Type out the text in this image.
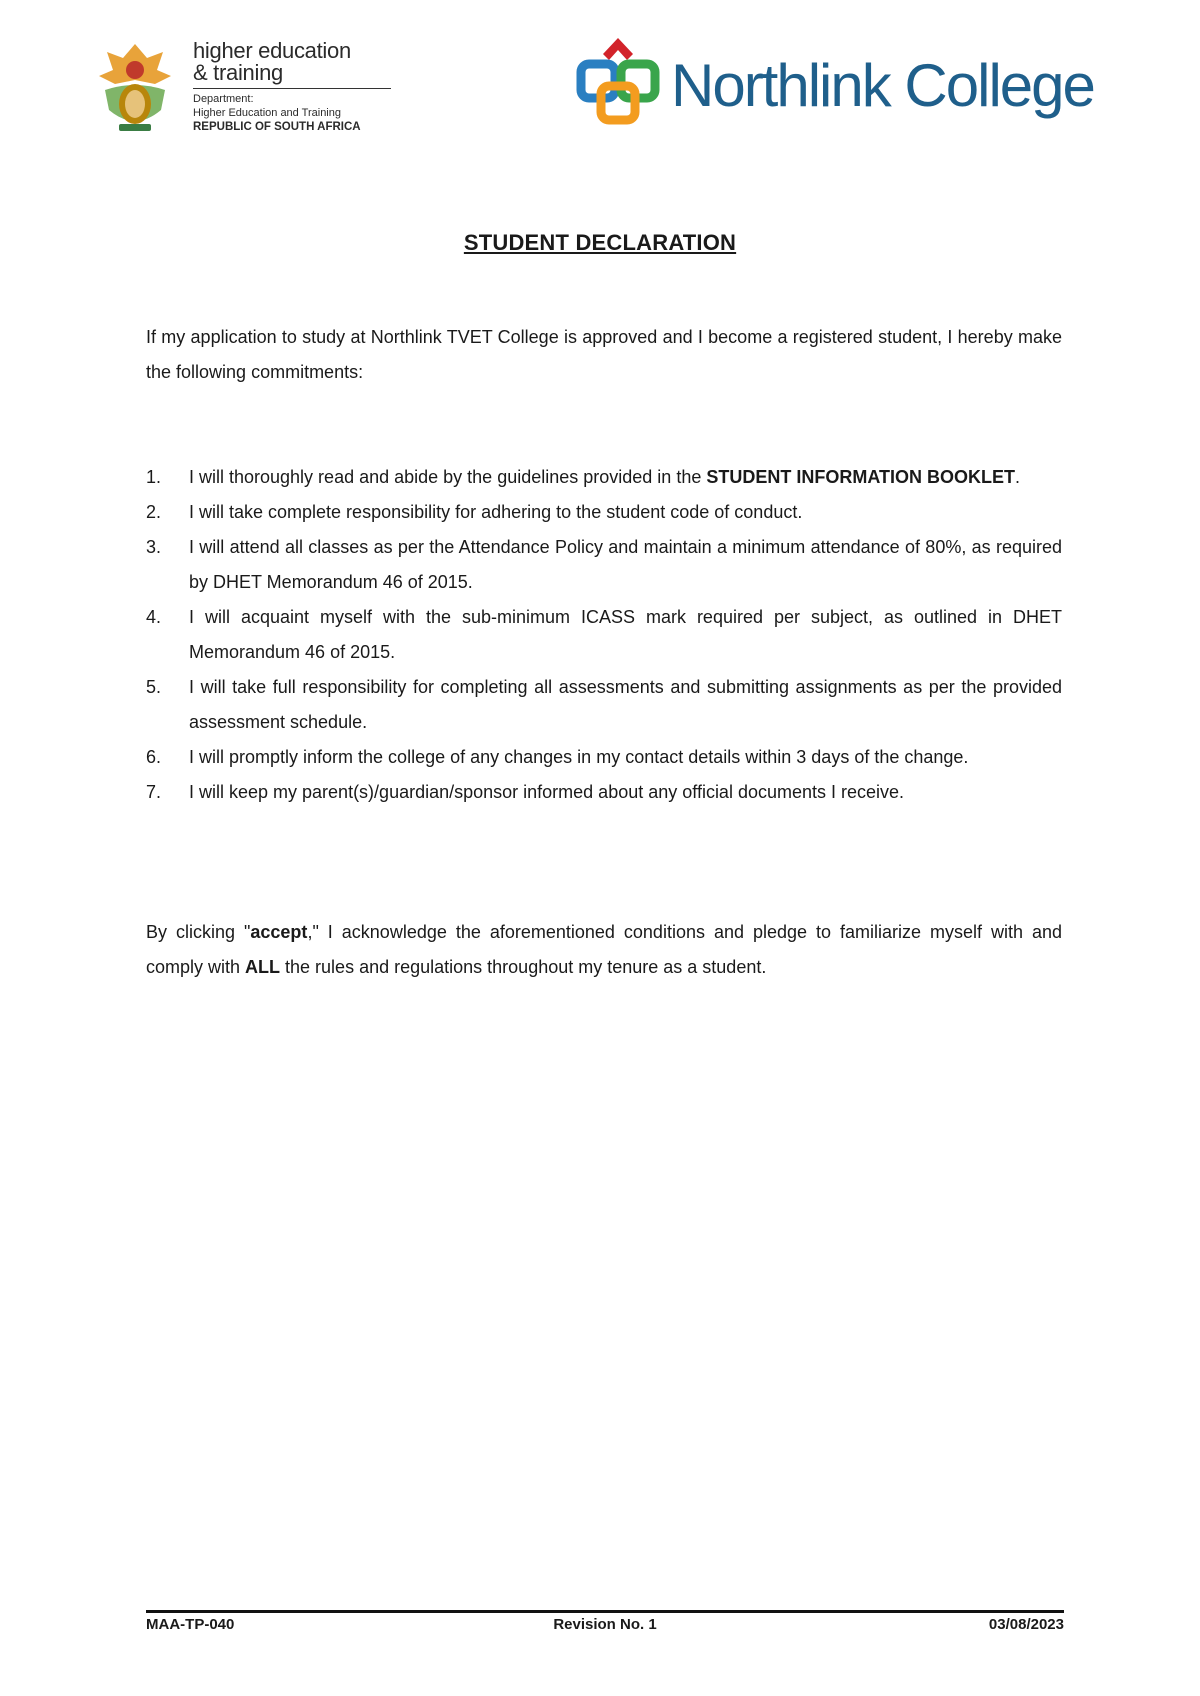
higher education
& training
Department:
Higher Education and Training
REPUBLIC OF SOUTH AFRICA
Northlink College
STUDENT DECLARATION
If my application to study at Northlink TVET College is approved and I become a registered student, I hereby make the following commitments:
1. I will thoroughly read and abide by the guidelines provided in the STUDENT INFORMATION BOOKLET.
2. I will take complete responsibility for adhering to the student code of conduct.
3. I will attend all classes as per the Attendance Policy and maintain a minimum attendance of 80%, as required by DHET Memorandum 46 of 2015.
4. I will acquaint myself with the sub-minimum ICASS mark required per subject, as outlined in DHET Memorandum 46 of 2015.
5. I will take full responsibility for completing all assessments and submitting assignments as per the provided assessment schedule.
6. I will promptly inform the college of any changes in my contact details within 3 days of the change.
7. I will keep my parent(s)/guardian/sponsor informed about any official documents I receive.
By clicking "accept," I acknowledge the aforementioned conditions and pledge to familiarize myself with and comply with ALL the rules and regulations throughout my tenure as a student.
MAA-TP-040	Revision No. 1	03/08/2023
